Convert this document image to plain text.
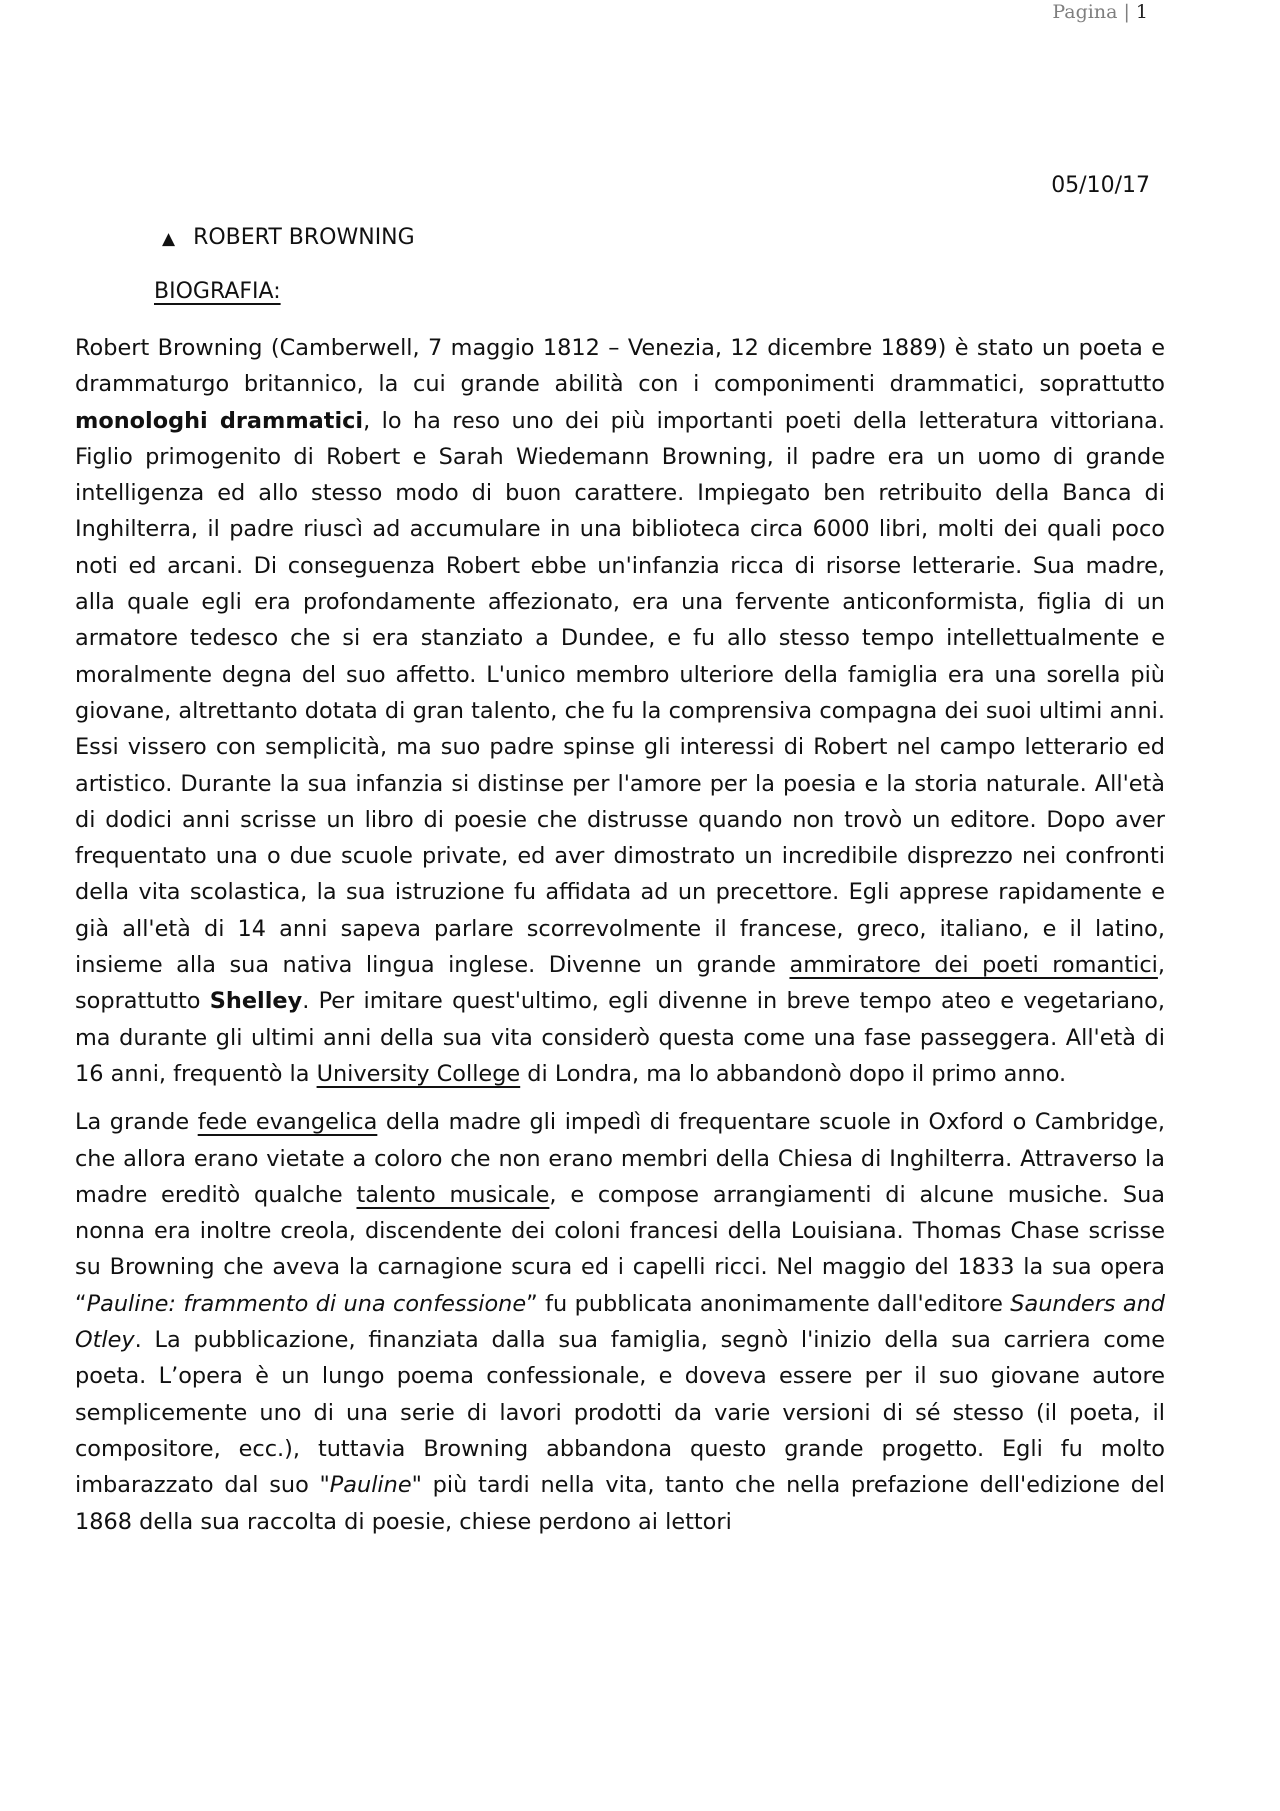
Pagina | 1
05/10/17
▲ ROBERT BROWNING
BIOGRAFIA:

Robert Browning (Camberwell, 7 maggio 1812 – Venezia, 12 dicembre 1889) è stato un poeta e drammaturgo britannico, la cui grande abilità con i componimenti drammatici, soprattutto monologhi drammatici, lo ha reso uno dei più importanti poeti della letteratura vittoriana. Figlio primogenito di Robert e Sarah Wiedemann Browning, il padre era un uomo di grande intelligenza ed allo stesso modo di buon carattere. Impiegato ben retribuito della Banca di Inghilterra, il padre riuscì ad accumulare in una biblioteca circa 6000 libri, molti dei quali poco noti ed arcani. Di conseguenza Robert ebbe un'infanzia ricca di risorse letterarie. Sua madre, alla quale egli era profondamente affezionato, era una fervente anticonformista, figlia di un armatore tedesco che si era stanziato a Dundee, e fu allo stesso tempo intellettualmente e moralmente degna del suo affetto. L'unico membro ulteriore della famiglia era una sorella più giovane, altrettanto dotata di gran talento, che fu la comprensiva compagna dei suoi ultimi anni. Essi vissero con semplicità, ma suo padre spinse gli interessi di Robert nel campo letterario ed artistico. Durante la sua infanzia si distinse per l'amore per la poesia e la storia naturale. All'età di dodici anni scrisse un libro di poesie che distrusse quando non trovò un editore. Dopo aver frequentato una o due scuole private, ed aver dimostrato un incredibile disprezzo nei confronti della vita scolastica, la sua istruzione fu affidata ad un precettore. Egli apprese rapidamente e già all'età di 14 anni sapeva parlare scorrevolmente il francese, greco, italiano, e il latino, insieme alla sua nativa lingua inglese. Divenne un grande ammiratore dei poeti romantici, soprattutto Shelley. Per imitare quest'ultimo, egli divenne in breve tempo ateo e vegetariano, ma durante gli ultimi anni della sua vita considerò questa come una fase passeggera. All'età di 16 anni, frequentò la University College di Londra, ma lo abbandonò dopo il primo anno.

La grande fede evangelica della madre gli impedì di frequentare scuole in Oxford o Cambridge, che allora erano vietate a coloro che non erano membri della Chiesa di Inghilterra. Attraverso la madre ereditò qualche talento musicale, e compose arrangiamenti di alcune musiche. Sua nonna era inoltre creola, discendente dei coloni francesi della Louisiana. Thomas Chase scrisse su Browning che aveva la carnagione scura ed i capelli ricci. Nel maggio del 1833 la sua opera “Pauline: frammento di una confessione” fu pubblicata anonimamente dall'editore Saunders and Otley. La pubblicazione, finanziata dalla sua famiglia, segnò l'inizio della sua carriera come poeta. L’opera è un lungo poema confessionale, e doveva essere per il suo giovane autore semplicemente uno di una serie di lavori prodotti da varie versioni di sé stesso (il poeta, il compositore, ecc.), tuttavia Browning abbandona questo grande progetto. Egli fu molto imbarazzato dal suo "Pauline" più tardi nella vita, tanto che nella prefazione dell'edizione del 1868 della sua raccolta di poesie, chiese perdono ai lettori
